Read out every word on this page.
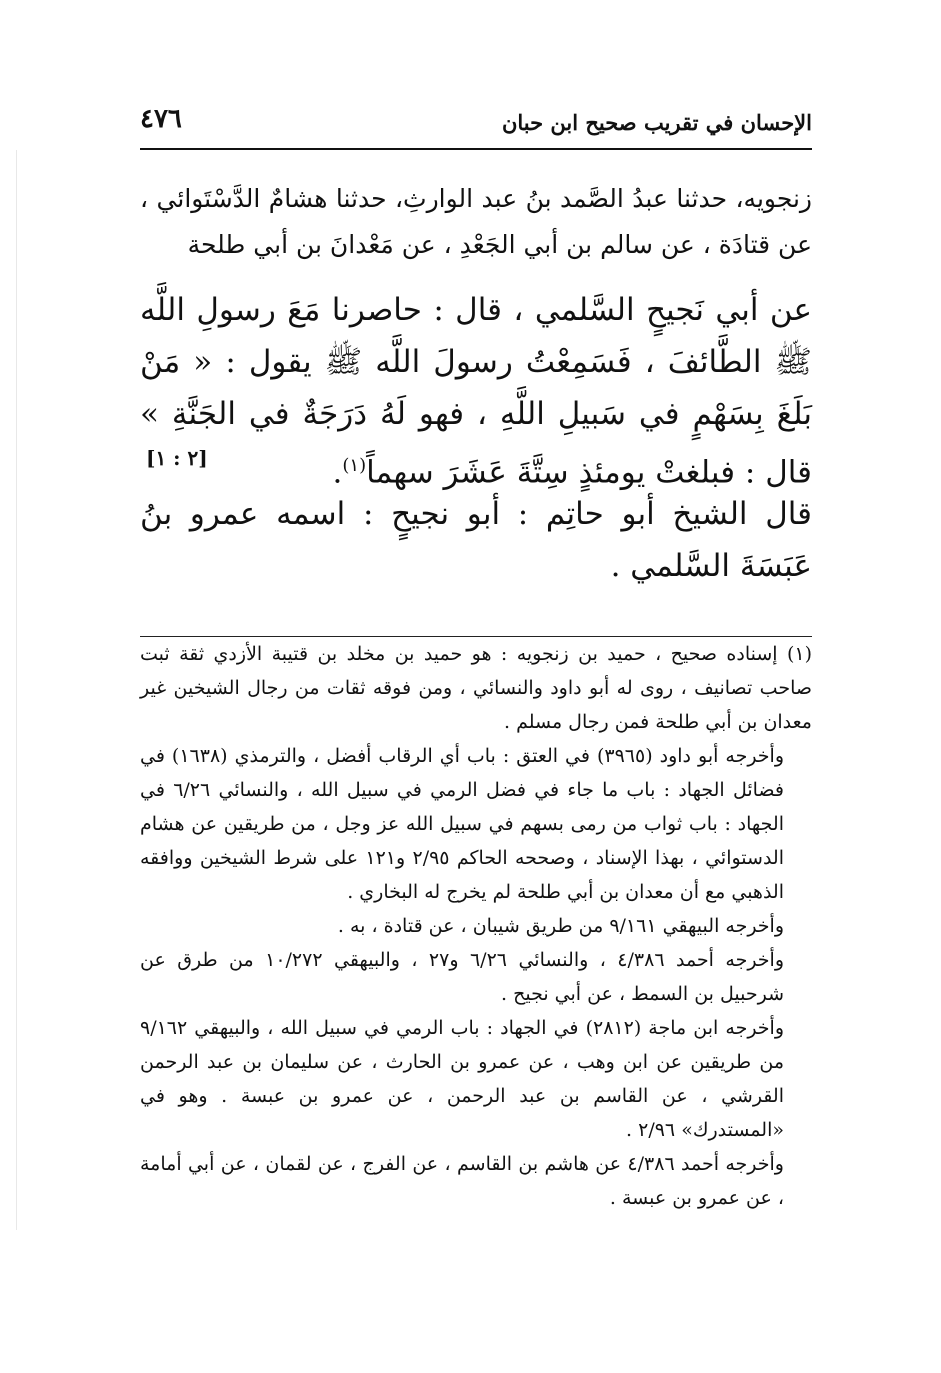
الإحسان في تقريب صحيح ابن حبان
٤٧٦
زنجويه، حدثنا عبدُ الصَّمد بنُ عبد الوارثِ، حدثنا هشامٌ الدَّسْتَوائي ، عن قتادَة ، عن سالم بن أبي الجَعْدِ ، عن مَعْدانَ بن أبي طلحة
عن أبي نَجيحٍ السَّلمي ، قال : حاصرنا مَعَ رسولِ اللَّه ﷺ الطَّائفَ ، فَسَمِعْتُ رسولَ اللَّه ﷺ يقول : « مَنْ بَلَغَ بِسَهْمٍ في سَبيلِ اللَّهِ ، فهو لَهُ دَرَجَةٌ في الجَنَّةِ » قال : فبلغتْ يومئذٍ سِتَّةَ عَشَرَ سهماً$^{(١)}$.
[٢ : ١]
قال الشيخ أبو حاتِم : أبو نجيحٍ : اسمه عمرو بنُ عَبَسَةَ السَّلمي .

(١) إسناده صحيح ، حميد بن زنجويه : هو حميد بن مخلد بن قتيبة الأزدي ثقة ثبت صاحب تصانيف ، روى له أبو داود والنسائي ، ومن فوقه ثقات من رجال الشيخين غير معدان بن أبي طلحة فمن رجال مسلم .

وأخرجه أبو داود (٣٩٦٥) في العتق : باب أي الرقاب أفضل ، والترمذي (١٦٣٨) في فضائل الجهاد : باب ما جاء في فضل الرمي في سبيل الله ، والنسائي ٦/٢٦ في الجهاد : باب ثواب من رمى بسهم في سبيل الله عز وجل ، من طريقين عن هشام الدستوائي ، بهذا الإسناد ، وصححه الحاكم ٢/٩٥ و١٢١ على شرط الشيخين ووافقه الذهبي مع أن معدان بن أبي طلحة لم يخرج له البخاري .

وأخرجه البيهقي ٩/١٦١ من طريق شيبان ، عن قتادة ، به .

وأخرجه أحمد ٤/٣٨٦ ، والنسائي ٦/٢٦ و٢٧ ، والبيهقي ١٠/٢٧٢ من طرق عن شرحبيل بن السمط ، عن أبي نجيح .

وأخرجه ابن ماجة (٢٨١٢) في الجهاد : باب الرمي في سبيل الله ، والبيهقي ٩/١٦٢ من طريقين عن ابن وهب ، عن عمرو بن الحارث ، عن سليمان بن عبد الرحمن القرشي ، عن القاسم بن عبد الرحمن ، عن عمرو بن عبسة . وهو في «المستدرك» ٢/٩٦ .

وأخرجه أحمد ٤/٣٨٦ عن هاشم بن القاسم ، عن الفرج ، عن لقمان ، عن أبي أمامة ، عن عمرو بن عبسة .
